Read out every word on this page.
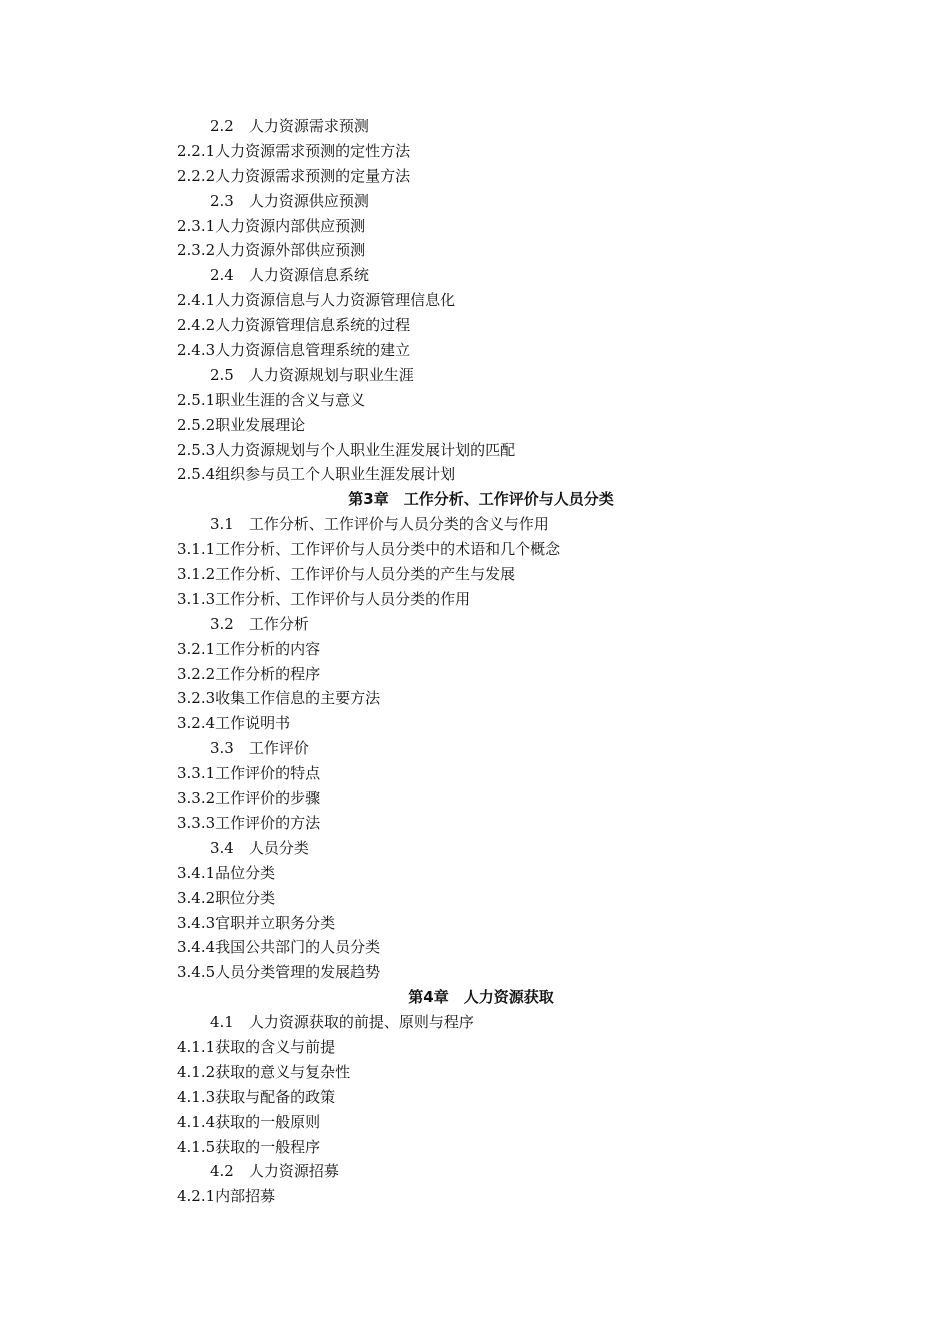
2.2　人力资源需求预测
2.2.1人力资源需求预测的定性方法
2.2.2人力资源需求预测的定量方法
2.3　人力资源供应预测
2.3.1人力资源内部供应预测
2.3.2人力资源外部供应预测
2.4　人力资源信息系统
2.4.1人力资源信息与人力资源管理信息化
2.4.2人力资源管理信息系统的过程
2.4.3人力资源信息管理系统的建立
2.5　人力资源规划与职业生涯
2.5.1职业生涯的含义与意义
2.5.2职业发展理论
2.5.3人力资源规划与个人职业生涯发展计划的匹配
2.5.4组织参与员工个人职业生涯发展计划
第3章　工作分析、工作评价与人员分类
3.1　工作分析、工作评价与人员分类的含义与作用
3.1.1工作分析、工作评价与人员分类中的术语和几个概念
3.1.2工作分析、工作评价与人员分类的产生与发展
3.1.3工作分析、工作评价与人员分类的作用
3.2　工作分析
3.2.1工作分析的内容
3.2.2工作分析的程序
3.2.3收集工作信息的主要方法
3.2.4工作说明书
3.3　工作评价
3.3.1工作评价的特点
3.3.2工作评价的步骤
3.3.3工作评价的方法
3.4　人员分类
3.4.1品位分类
3.4.2职位分类
3.4.3官职并立职务分类
3.4.4我国公共部门的人员分类
3.4.5人员分类管理的发展趋势
第4章　人力资源获取
4.1　人力资源获取的前提、原则与程序
4.1.1获取的含义与前提
4.1.2获取的意义与复杂性
4.1.3获取与配备的政策
4.1.4获取的一般原则
4.1.5获取的一般程序
4.2　人力资源招募
4.2.1内部招募
